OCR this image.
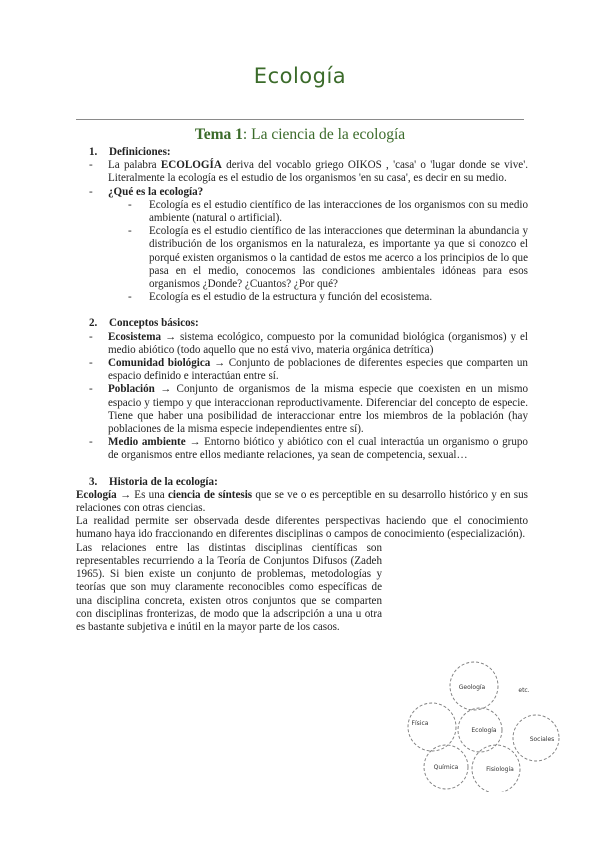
Ecología
Tema 1: La ciencia de la ecología
1. Definiciones:

- La palabra ECOLOGÍA deriva del vocablo griego OIKOS , 'casa' o 'lugar donde se vive'. Literalmente la ecología es el estudio de los organismos 'en su casa', es decir en su medio.

- ¿Qué es la ecología?

- Ecología es el estudio científico de las interacciones de los organismos con su medio ambiente (natural o artificial).

- Ecología es el estudio científico de las interacciones que determinan la abundancia y distribución de los organismos en la naturaleza, es importante ya que si conozco el porqué existen organismos o la cantidad de estos me acerco a los principios de lo que pasa en el medio, conocemos las condiciones ambientales idóneas para esos organismos ¿Donde? ¿Cuantos? ¿Por qué?

- Ecología es el estudio de la estructura y función del ecosistema.

2. Conceptos básicos:

- Ecosistema → sistema ecológico, compuesto por la comunidad biológica (organismos) y el medio abiótico (todo aquello que no está vivo, materia orgánica detrítica)

- Comunidad biológica → Conjunto de poblaciones de diferentes especies que comparten un espacio definido e interactúan entre sí.

- Población → Conjunto de organismos de la misma especie que coexisten en un mismo espacio y tiempo y que interaccionan reproductivamente. Diferenciar del concepto de especie. Tiene que haber una posibilidad de interaccionar entre los miembros de la población (hay poblaciones de la misma especie independientes entre sí).

- Medio ambiente → Entorno biótico y abiótico con el cual interactúa un organismo o grupo de organismos entre ellos mediante relaciones, ya sean de competencia, sexual…

3. Historia de la ecología:

Ecología → Es una ciencia de síntesis que se ve o es perceptible en su desarrollo histórico y en sus relaciones con otras ciencias.

La realidad permite ser observada desde diferentes perspectivas haciendo que el conocimiento humano haya ido fraccionando en diferentes disciplinas o campos de conocimiento (especialización).

Las relaciones entre las distintas disciplinas científicas son representables recurriendo a la Teoría de Conjuntos Difusos (Zadeh 1965). Si bien existe un conjunto de problemas, metodologías y teorías que son muy claramente reconocibles como específicas de una disciplina concreta, existen otros conjuntos que se comparten con disciplinas fronterizas, de modo que la adscripción a una u otra es bastante subjetiva e inútil en la mayor parte de los casos.

Geología	etc.
Física
Ecología
Sociales
Química	Fisiología
